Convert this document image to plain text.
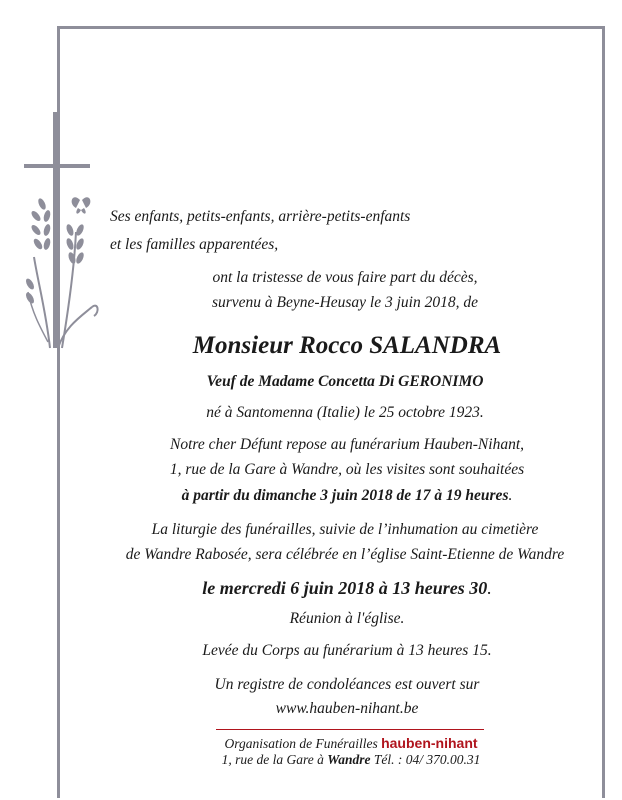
Ses enfants, petits-enfants, arrière-petits-enfants
et les familles apparentées,
ont la tristesse de vous faire part du décès,
survenu à Beyne-Heusay le 3 juin 2018, de
Monsieur Rocco SALANDRA
Veuf de Madame Concetta Di GERONIMO
né à Santomenna (Italie) le 25 octobre 1923.
Notre cher Défunt repose au funérarium Hauben-Nihant,
1, rue de la Gare à Wandre, où les visites sont souhaitées
à partir du dimanche 3 juin 2018 de 17 à 19 heures.
La liturgie des funérailles, suivie de l’inhumation au cimetière
de Wandre Rabosée, sera célébrée en l’église Saint-Etienne de Wandre
le mercredi 6 juin 2018 à 13 heures 30.
Réunion à l'église.
Levée du Corps au funérarium à 13 heures 15.
Un registre de condoléances est ouvert sur
www.hauben-nihant.be
Organisation de Funérailles hauben-nihant
1, rue de la Gare à Wandre Tél. : 04/ 370.00.31
